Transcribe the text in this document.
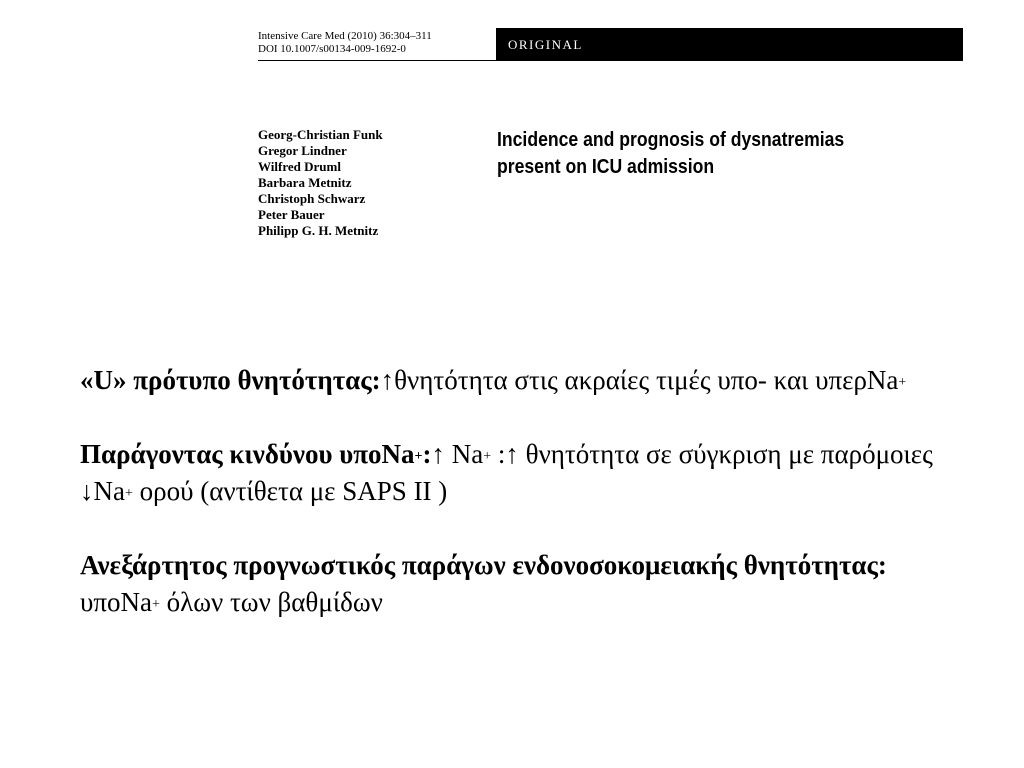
Intensive Care Med (2010) 36:304–311
DOI 10.1007/s00134-009-1692-0	ORIGINAL
Georg-Christian Funk
Gregor Lindner
Wilfred Druml
Barbara Metnitz
Christoph Schwarz
Peter Bauer
Philipp G. H. Metnitz
Incidence and prognosis of dysnatremias
present on ICU admission

«U» πρότυπο θνητότητας:↑θνητότητα στις ακραίες τιμές υπο- και υπερNa+

Παράγοντας κινδύνου υποNa+:↑ Na+ :↑ θνητότητα σε σύγκριση με παρόμοιες ↓Na+ ορού (αντίθετα με SAPS II )

Ανεξάρτητος προγνωστικός παράγων ενδονοσοκομειακής θνητότητας: υποNa+ όλων των βαθμίδων
